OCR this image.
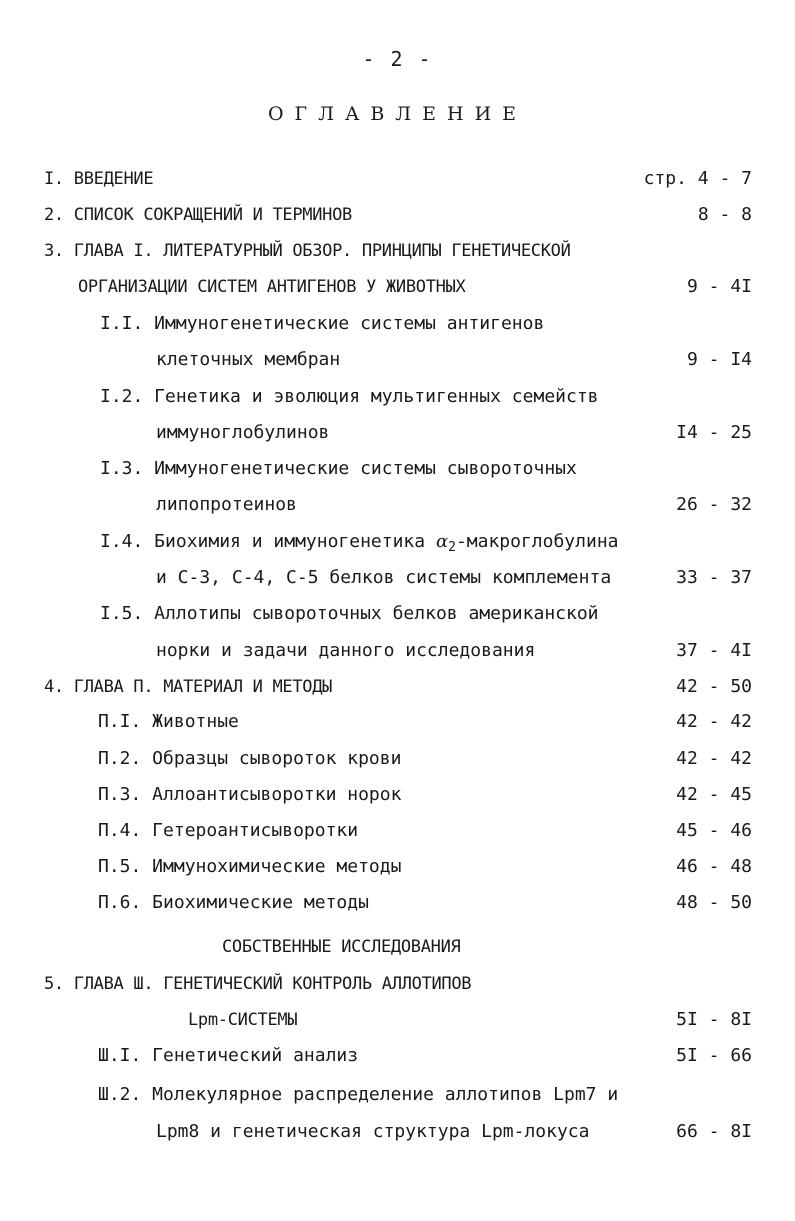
- 2 -
ОГЛАВЛЕНИЕ
I. ВВЕДЕНИЕ	стр. 4 - 7
2. СПИСОК СОКРАЩЕНИЙ И ТЕРМИНОВ	8 - 8
3. ГЛАВА I. ЛИТЕРАТУРНЫЙ ОБЗОР. ПРИНЦИПЫ ГЕНЕТИЧЕСКОЙ
ОРГАНИЗАЦИИ СИСТЕМ АНТИГЕНОВ У ЖИВОТНЫХ	9 - 4I
I.I. Иммуногенетические системы антигенов
клеточных мембран	9 - I4
I.2. Генетика и эволюция мультигенных семейств
иммуноглобулинов	I4 - 25
I.3. Иммуногенетические системы сывороточных
липопротеинов	26 - 32
I.4. Биохимия и иммуногенетика $\alpha_2$-макроглобулина
и С-3, С-4, С-5 белков системы комплемента	33 - 37
I.5. Аллотипы сывороточных белков американской
норки и задачи данного исследования	37 - 4I
4. ГЛАВА П. МАТЕРИАЛ И МЕТОДЫ	42 - 50
П.I. Животные	42 - 42
П.2. Образцы сывороток крови	42 - 42
П.3. Аллоантисыворотки норок	42 - 45
П.4. Гетероантисыворотки	45 - 46
П.5. Иммунохимические методы	46 - 48
П.6. Биохимические методы	48 - 50
СОБСТВЕННЫЕ ИССЛЕДОВАНИЯ
5. ГЛАВА Ш. ГЕНЕТИЧЕСКИЙ КОНТРОЛЬ АЛЛОТИПОВ
Lpm-СИСТЕМЫ	5I - 8I
Ш.I. Генетический анализ	5I - 66
Ш.2. Молекулярное распределение аллотипов Lpm7 и
Lpm8 и генетическая структура Lpm-локуса	66 - 8I
